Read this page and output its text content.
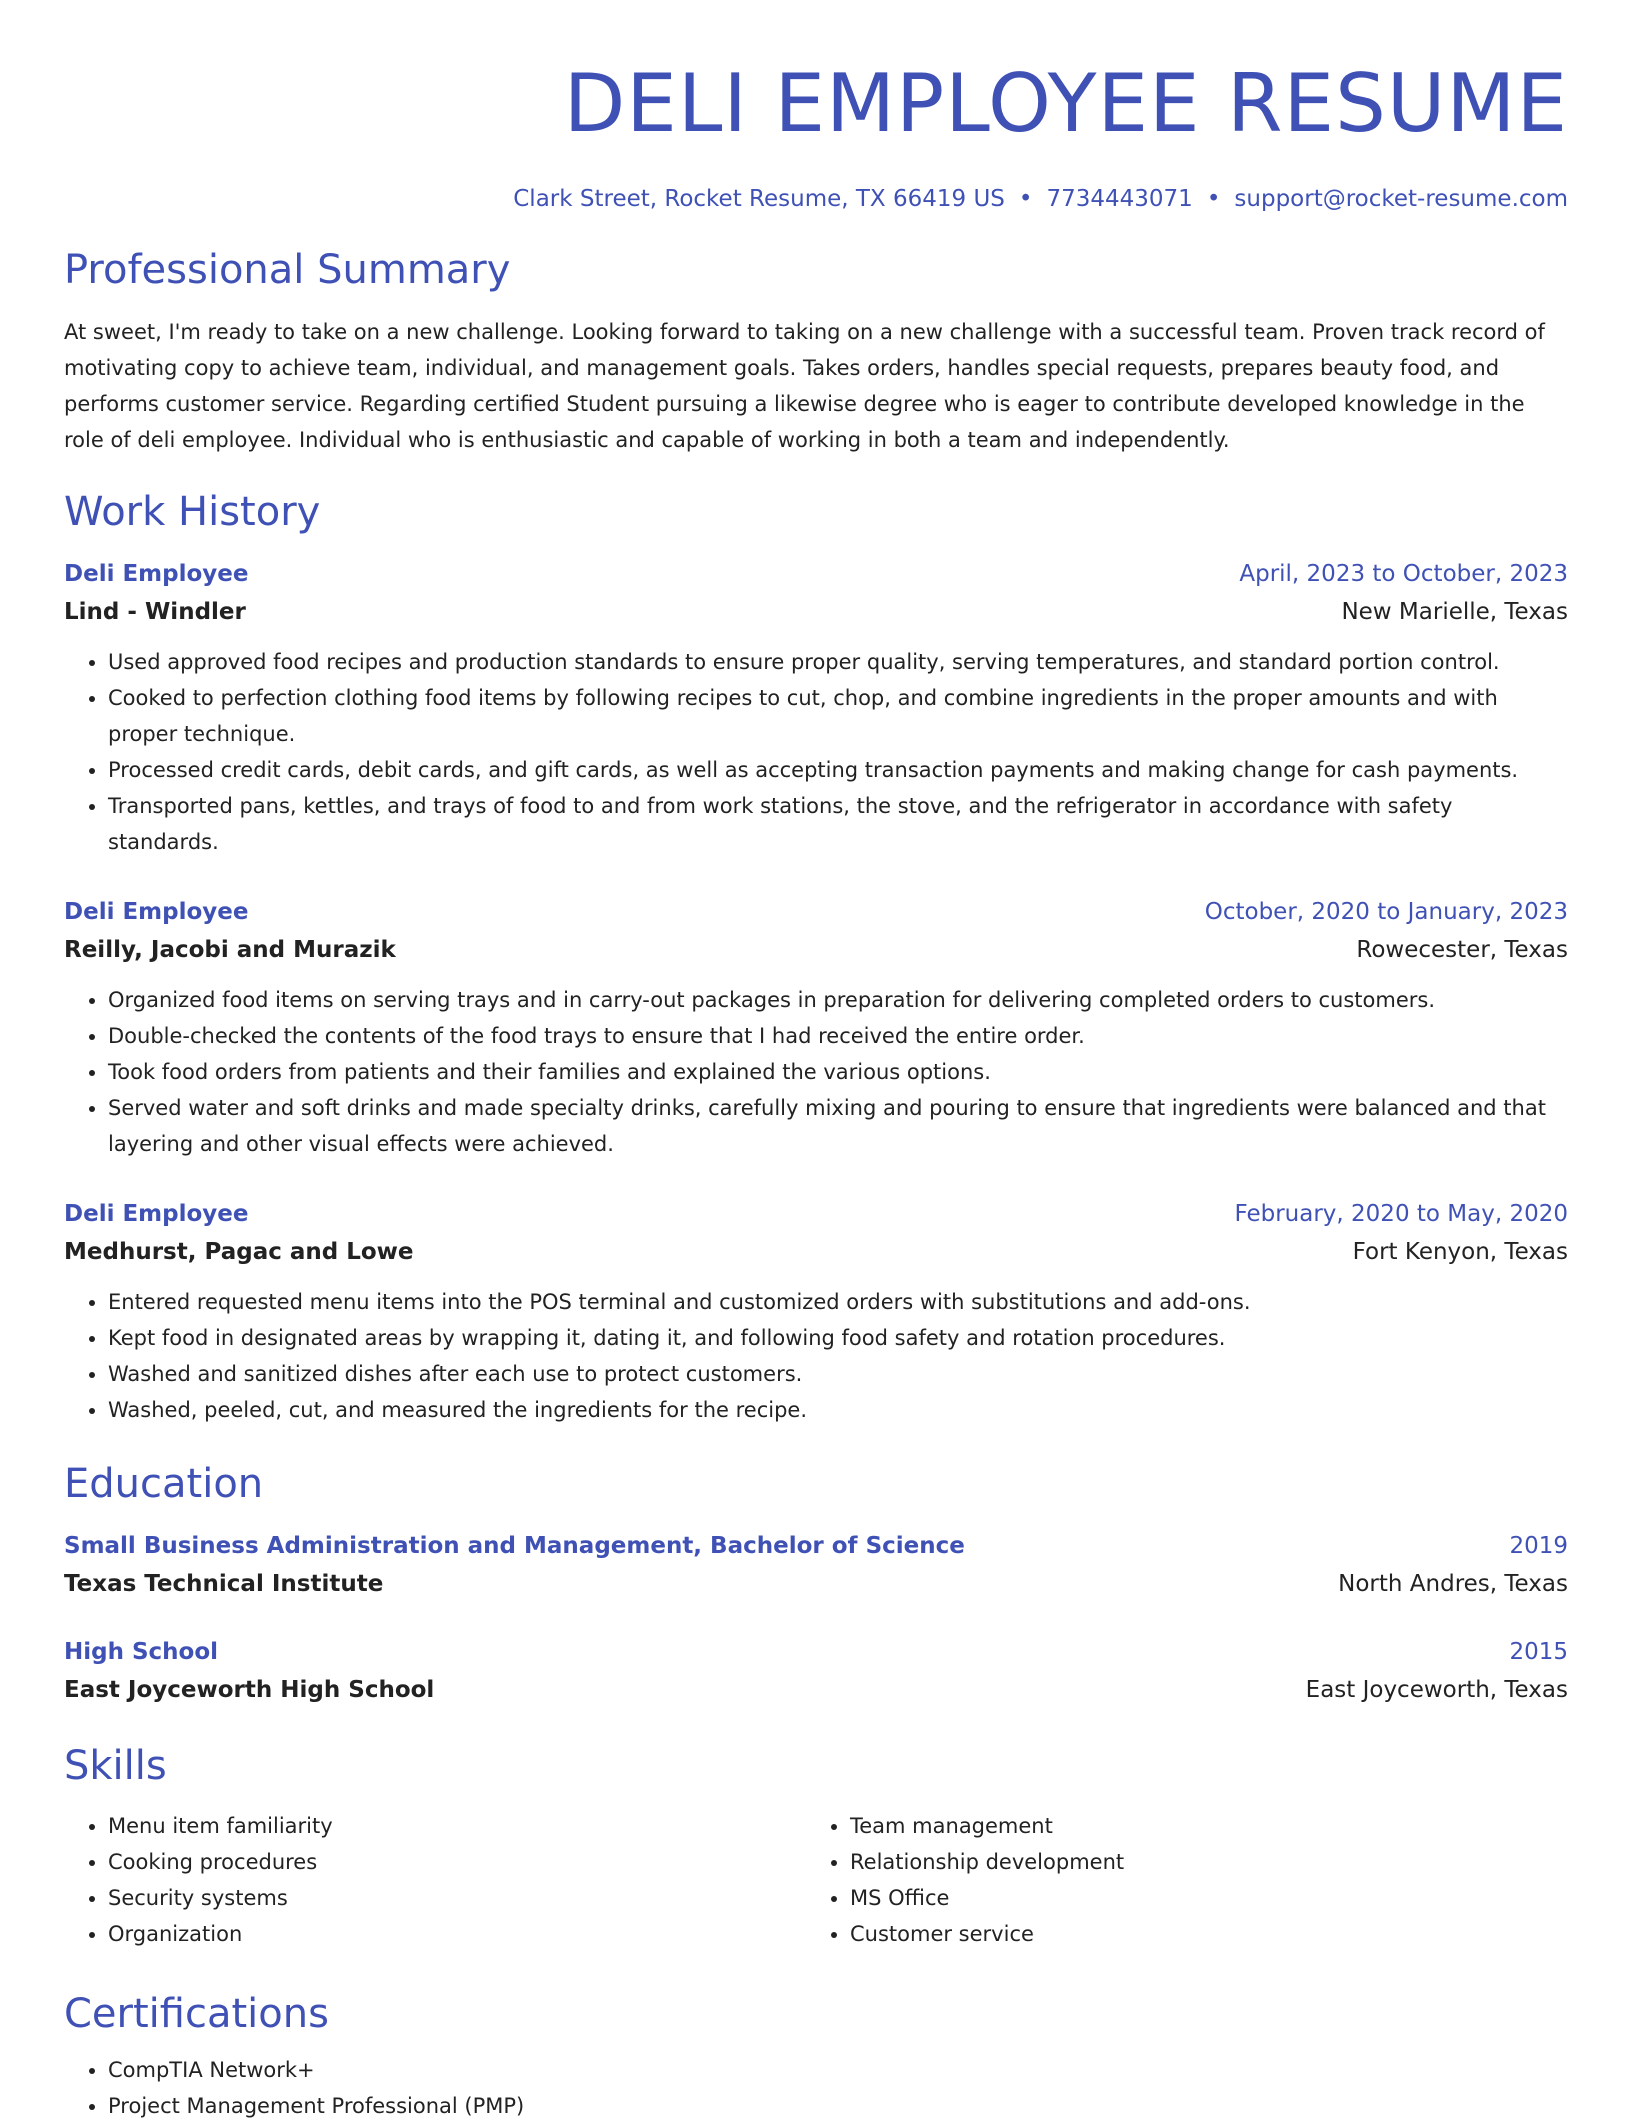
DELI EMPLOYEE RESUME
Clark Street, Rocket Resume, TX 66419 US • 7734443071 • support@rocket-resume.com
Professional Summary
At sweet, I'm ready to take on a new challenge. Looking forward to taking on a new challenge with a successful team. Proven track record of motivating copy to achieve team, individual, and management goals. Takes orders, handles special requests, prepares beauty food, and performs customer service. Regarding certified Student pursuing a likewise degree who is eager to contribute developed knowledge in the role of deli employee. Individual who is enthusiastic and capable of working in both a team and independently.
Work History
Deli Employee	April, 2023 to October, 2023
Lind - Windler	New Marielle, Texas
• Used approved food recipes and production standards to ensure proper quality, serving temperatures, and standard portion control.
• Cooked to perfection clothing food items by following recipes to cut, chop, and combine ingredients in the proper amounts and with proper technique.
• Processed credit cards, debit cards, and gift cards, as well as accepting transaction payments and making change for cash payments.
• Transported pans, kettles, and trays of food to and from work stations, the stove, and the refrigerator in accordance with safety standards.
Deli Employee	October, 2020 to January, 2023
Reilly, Jacobi and Murazik	Rowecester, Texas
• Organized food items on serving trays and in carry-out packages in preparation for delivering completed orders to customers.
• Double-checked the contents of the food trays to ensure that I had received the entire order.
• Took food orders from patients and their families and explained the various options.
• Served water and soft drinks and made specialty drinks, carefully mixing and pouring to ensure that ingredients were balanced and that layering and other visual effects were achieved.
Deli Employee	February, 2020 to May, 2020
Medhurst, Pagac and Lowe	Fort Kenyon, Texas
• Entered requested menu items into the POS terminal and customized orders with substitutions and add-ons.
• Kept food in designated areas by wrapping it, dating it, and following food safety and rotation procedures.
• Washed and sanitized dishes after each use to protect customers.
• Washed, peeled, cut, and measured the ingredients for the recipe.
Education
Small Business Administration and Management, Bachelor of Science	2019
Texas Technical Institute	North Andres, Texas
High School	2015
East Joyceworth High School	East Joyceworth, Texas
Skills
• Menu item familiarity
• Cooking procedures
• Security systems
• Organization
• Team management
• Relationship development
• MS Office
• Customer service
Certifications
• CompTIA Network+
• Project Management Professional (PMP)
